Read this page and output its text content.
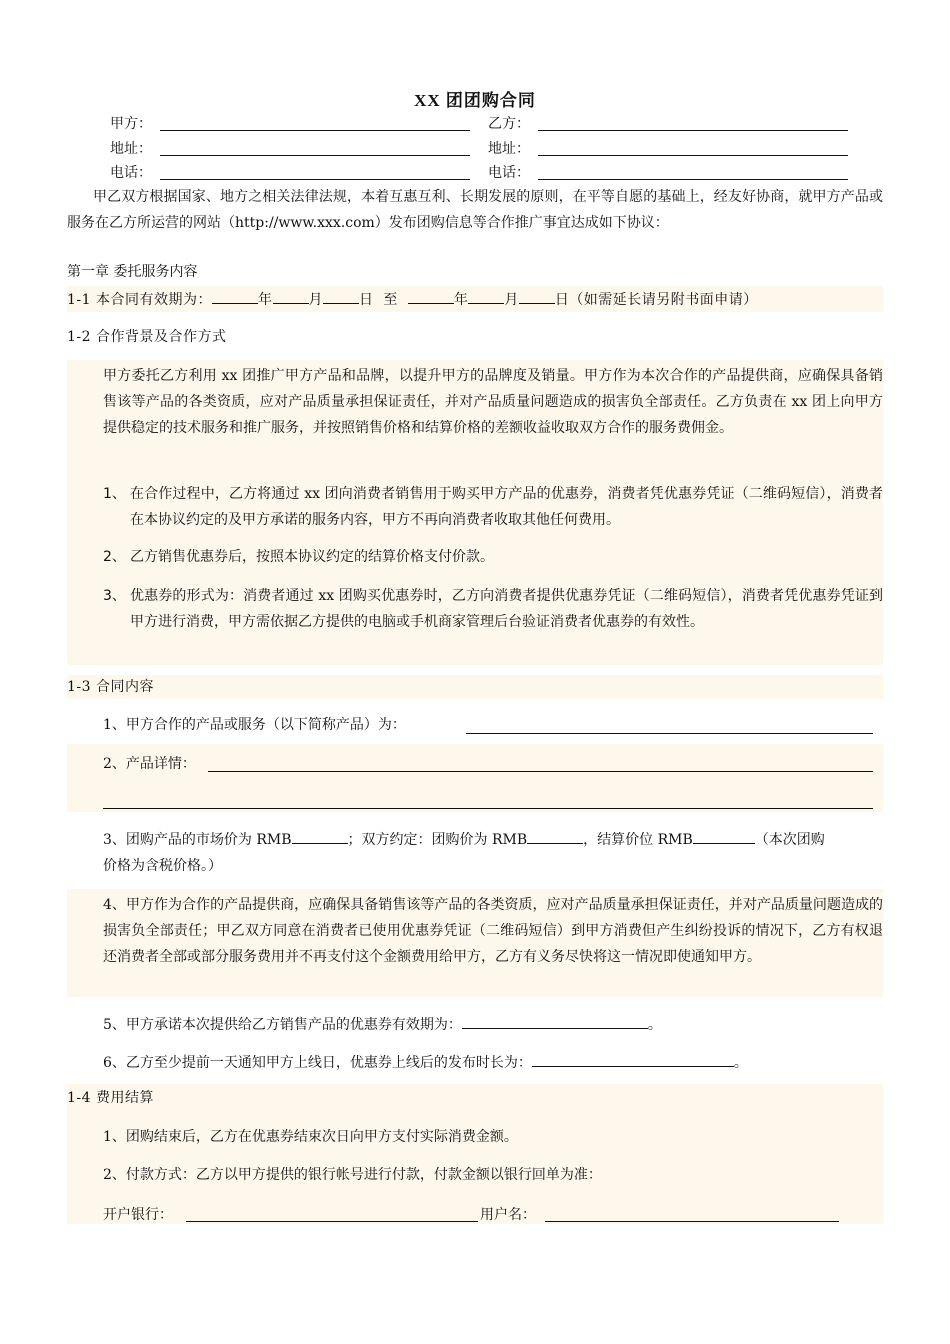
XX 团团购合同
甲方：	乙方：
地址：	地址：
电话：	电话：
甲乙双方根据国家、地方之相关法律法规，本着互惠互利、长期发展的原则，在平等自愿的基础上，经友好协商，就甲方产品或服务在乙方所运营的网站（http://www.xxx.com）发布团购信息等合作推广事宜达成如下协议：
第一章 委托服务内容
1-1 本合同有效期为：	年	月	日 至	年	月	日（如需延长请另附书面申请）
1-2 合作背景及合作方式
甲方委托乙方利用 xx 团推广甲方产品和品牌，以提升甲方的品牌度及销量。甲方作为本次合作的产品提供商，应确保具备销售该等产品的各类资质，应对产品质量承担保证责任，并对产品质量问题造成的损害负全部责任。乙方负责在 xx 团上向甲方提供稳定的技术服务和推广服务，并按照销售价格和结算价格的差额收益收取双方合作的服务费佣金。
1、 在合作过程中，乙方将通过 xx 团向消费者销售用于购买甲方产品的优惠券，消费者凭优惠券凭证（二维码短信），消费者在本协议约定的及甲方承诺的服务内容，甲方不再向消费者收取其他任何费用。
2、 乙方销售优惠券后，按照本协议约定的结算价格支付价款。
3、 优惠券的形式为：消费者通过 xx 团购买优惠券时，乙方向消费者提供优惠券凭证（二维码短信），消费者凭优惠券凭证到甲方进行消费，甲方需依据乙方提供的电脑或手机商家管理后台验证消费者优惠券的有效性。
1-3 合同内容
1、甲方合作的产品或服务（以下简称产品）为：
2、产品详情：
3、团购产品的市场价为 RMB	；双方约定：团购价为 RMB	，结算价位 RMB	（本次团购
价格为含税价格。）
4、甲方作为合作的产品提供商，应确保具备销售该等产品的各类资质，应对产品质量承担保证责任，并对产品质量问题造成的损害负全部责任；甲乙双方同意在消费者已使用优惠券凭证（二维码短信）到甲方消费但产生纠纷投诉的情况下，乙方有权退还消费者全部或部分服务费用并不再支付这个金额费用给甲方，乙方有义务尽快将这一情况即使通知甲方。
5、甲方承诺本次提供给乙方销售产品的优惠券有效期为：	。
6、乙方至少提前一天通知甲方上线日，优惠券上线后的发布时长为：	。
1-4 费用结算
1、团购结束后，乙方在优惠券结束次日向甲方支付实际消费金额。
2、付款方式：乙方以甲方提供的银行帐号进行付款，付款金额以银行回单为准：
开户银行：	用户名：
